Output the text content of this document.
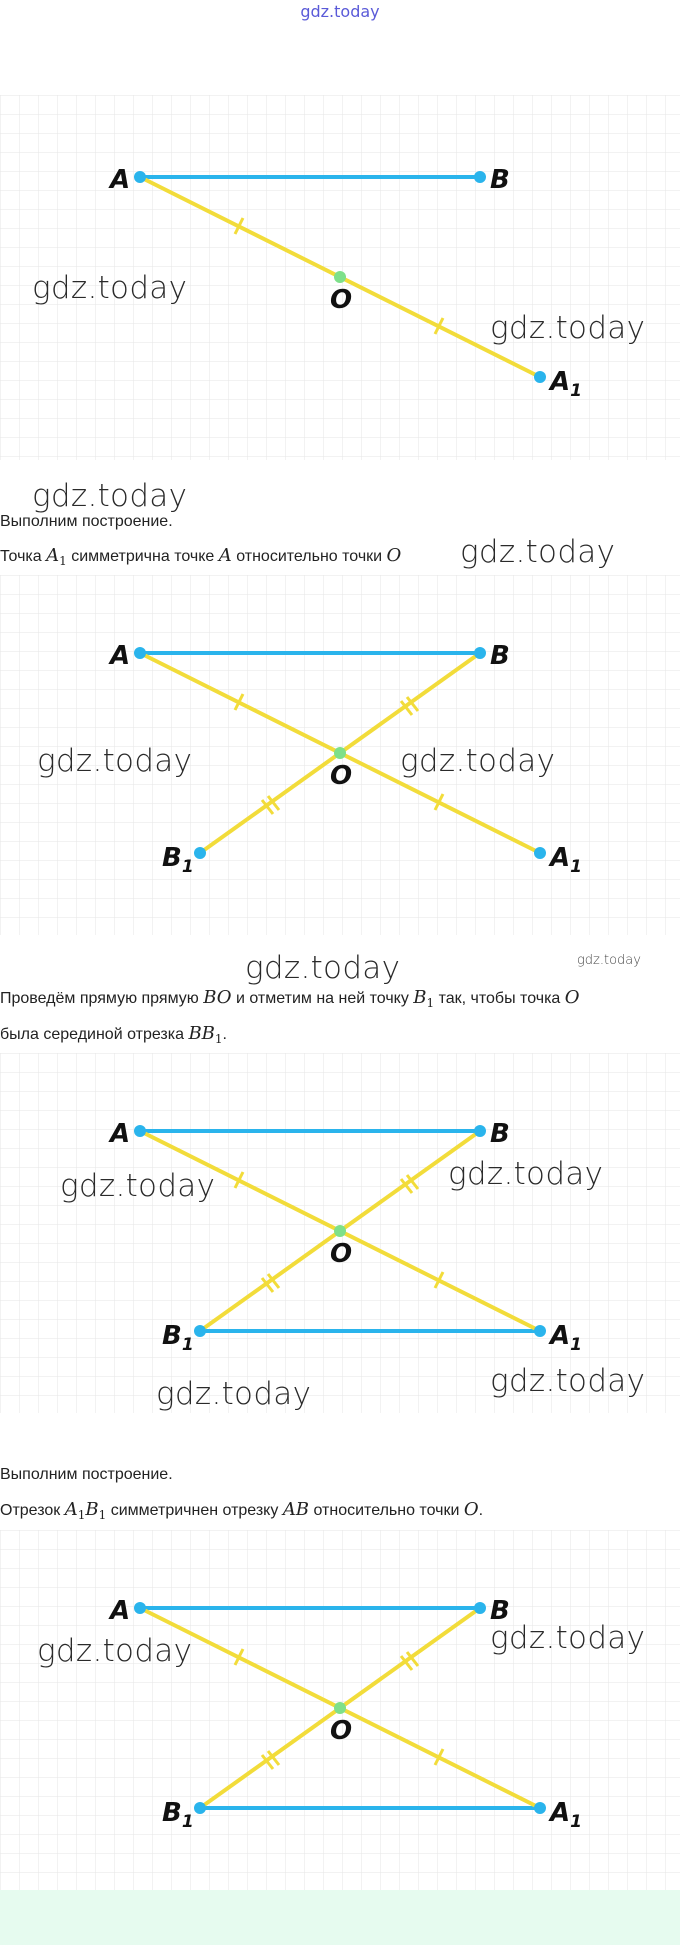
gdz.today
A	B
O
$A_1$
gdz.today
gdz.today
gdz.today
Выполним построение.
Точка $A_1$ симметрична точке A относительно точки O gdz.today
A	B
O
$A_1$
$B_1$
gdz.today	gdz.today
gdz.today	gdz.today
Проведём прямую прямую BO и отметим на ней точку $B_1$ так, чтобы точка O
была серединой отрезка $BB_1$.
A	B
O
$A_1$
$B_1$
gdz.today	gdz.today
gdz.today	gdz.today
Выполним построение.
Отрезок $A_1B_1$ симметричнен отрезку AB относительно точки O.
A	B
O
$A_1$
$B_1$
gdz.today	gdz.today
